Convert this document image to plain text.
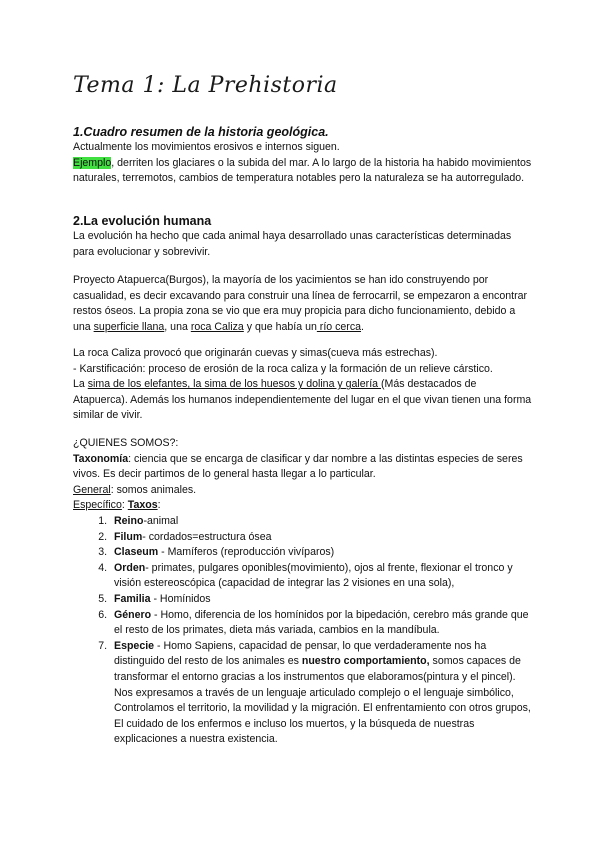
Tema 1: La Prehistoria
1.Cuadro resumen de la historia geológica.
Actualmente los movimientos erosivos e internos siguen.
Ejemplo, derriten los glaciares o la subida del mar. A lo largo de la historia ha habido movimientos naturales, terremotos, cambios de temperatura notables pero la naturaleza se ha autorregulado.
2.La evolución humana
La evolución ha hecho que cada animal haya desarrollado unas características determinadas para evolucionar y sobrevivir.
Proyecto Atapuerca(Burgos), la mayoría de los yacimientos se han ido construyendo por casualidad, es decir excavando para construir una línea de ferrocarril, se empezaron a encontrar restos óseos. La propia zona se vio que era muy propicia para dicho funcionamiento, debido a una superficie llana, una roca Caliza y que había un río cerca.
La roca Caliza provocó que originarán cuevas y simas(cueva más estrechas).
- Karstificación: proceso de erosión de la roca caliza y la formación de un relieve cárstico.
La sima de los elefantes, la sima de los huesos y dolina y galería (Más destacados de Atapuerca). Además los humanos independientemente del lugar en el que vivan tienen una forma similar de vivir.
¿QUIENES SOMOS?:
Taxonomía: ciencia que se encarga de clasificar y dar nombre a las distintas especies de seres vivos. Es decir partimos de lo general hasta llegar a lo particular.
General: somos animales.
Específico: Taxos:
1. Reino-animal
2. Filum- cordados=estructura ósea
3. Claseum - Mamíferos (reproducción vivíparos)
4. Orden- primates, pulgares oponibles(movimiento), ojos al frente, flexionar el tronco y visión estereoscópica (capacidad de integrar las 2 visiones en una sola),
5. Familia - Homínidos
6. Género - Homo, diferencia de los homínidos por la bipedación, cerebro más grande que el resto de los primates, dieta más variada, cambios en la mandíbula.
7. Especie - Homo Sapiens, capacidad de pensar, lo que verdaderamente nos ha distinguido del resto de los animales es nuestro comportamiento, somos capaces de transformar el entorno gracias a los instrumentos que elaboramos(pintura y el pincel). Nos expresamos a través de un lenguaje articulado complejo o el lenguaje simbólico, Controlamos el territorio, la movilidad y la migración. El enfrentamiento con otros grupos, El cuidado de los enfermos e incluso los muertos, y la búsqueda de nuestras explicaciones a nuestra existencia.
